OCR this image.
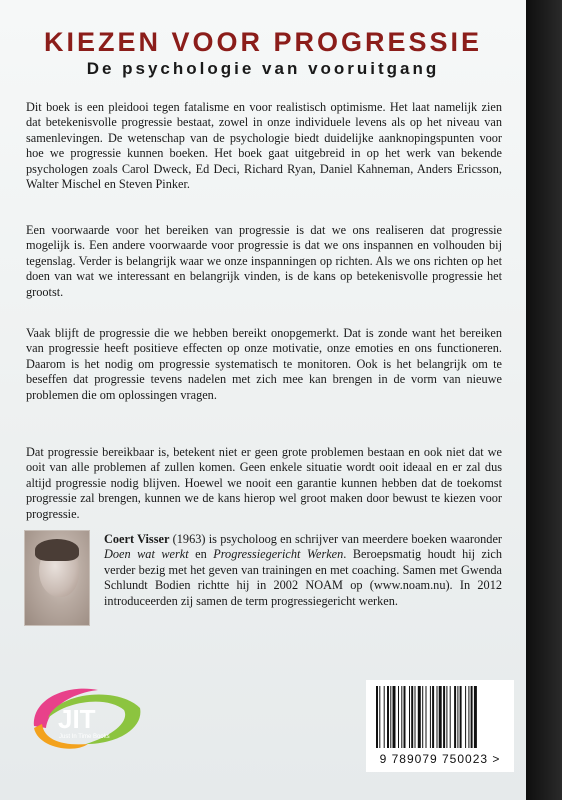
KIEZEN VOOR PROGRESSIE
De psychologie van vooruitgang

Dit boek is een pleidooi tegen fatalisme en voor realistisch optimisme. Het laat namelijk zien dat betekenisvolle progressie bestaat, zowel in onze individuele levens als op het niveau van samenlevingen. De wetenschap van de psychologie biedt duidelijke aanknopingspunten voor hoe we progressie kunnen boeken. Het boek gaat uitgebreid in op het werk van bekende psychologen zoals Carol Dweck, Ed Deci, Richard Ryan, Daniel Kahneman, Anders Ericsson, Walter Mischel en Steven Pinker.

Een voorwaarde voor het bereiken van progressie is dat we ons realiseren dat progressie mogelijk is. Een andere voorwaarde voor progressie is dat we ons inspannen en volhouden bij tegenslag. Verder is belangrijk waar we onze inspanningen op richten. Als we ons richten op het doen van wat we interessant en belangrijk vinden, is de kans op betekenisvolle progressie het grootst.

Vaak blijft de progressie die we hebben bereikt onopgemerkt. Dat is zonde want het bereiken van progressie heeft positieve effecten op onze motivatie, onze emoties en ons functioneren. Daarom is het nodig om progressie systematisch te monitoren. Ook is het belangrijk om te beseffen dat progressie tevens nadelen met zich mee kan brengen in de vorm van nieuwe problemen die om oplossingen vragen.

Dat progressie bereikbaar is, betekent niet er geen grote problemen bestaan en ook niet dat we ooit van alle problemen af zullen komen. Geen enkele situatie wordt ooit ideaal en er zal dus altijd progressie nodig blijven. Hoewel we nooit een garantie kunnen hebben dat de toekomst progressie zal brengen, kunnen we de kans hierop wel groot maken door bewust te kiezen voor progressie.

Coert Visser (1963) is psycholoog en schrijver van meerdere boeken waaronder Doen wat werkt en Progressiegericht Werken. Beroepsmatig houdt hij zich verder bezig met het geven van trainingen en met coaching. Samen met Gwenda Schlundt Bodien richtte hij in 2002 NOAM op (www.noam.nu). In 2012 introduceerden zij samen de term progressiegericht werken.

JIT
Just In Time Books
9 789079 750023 >
